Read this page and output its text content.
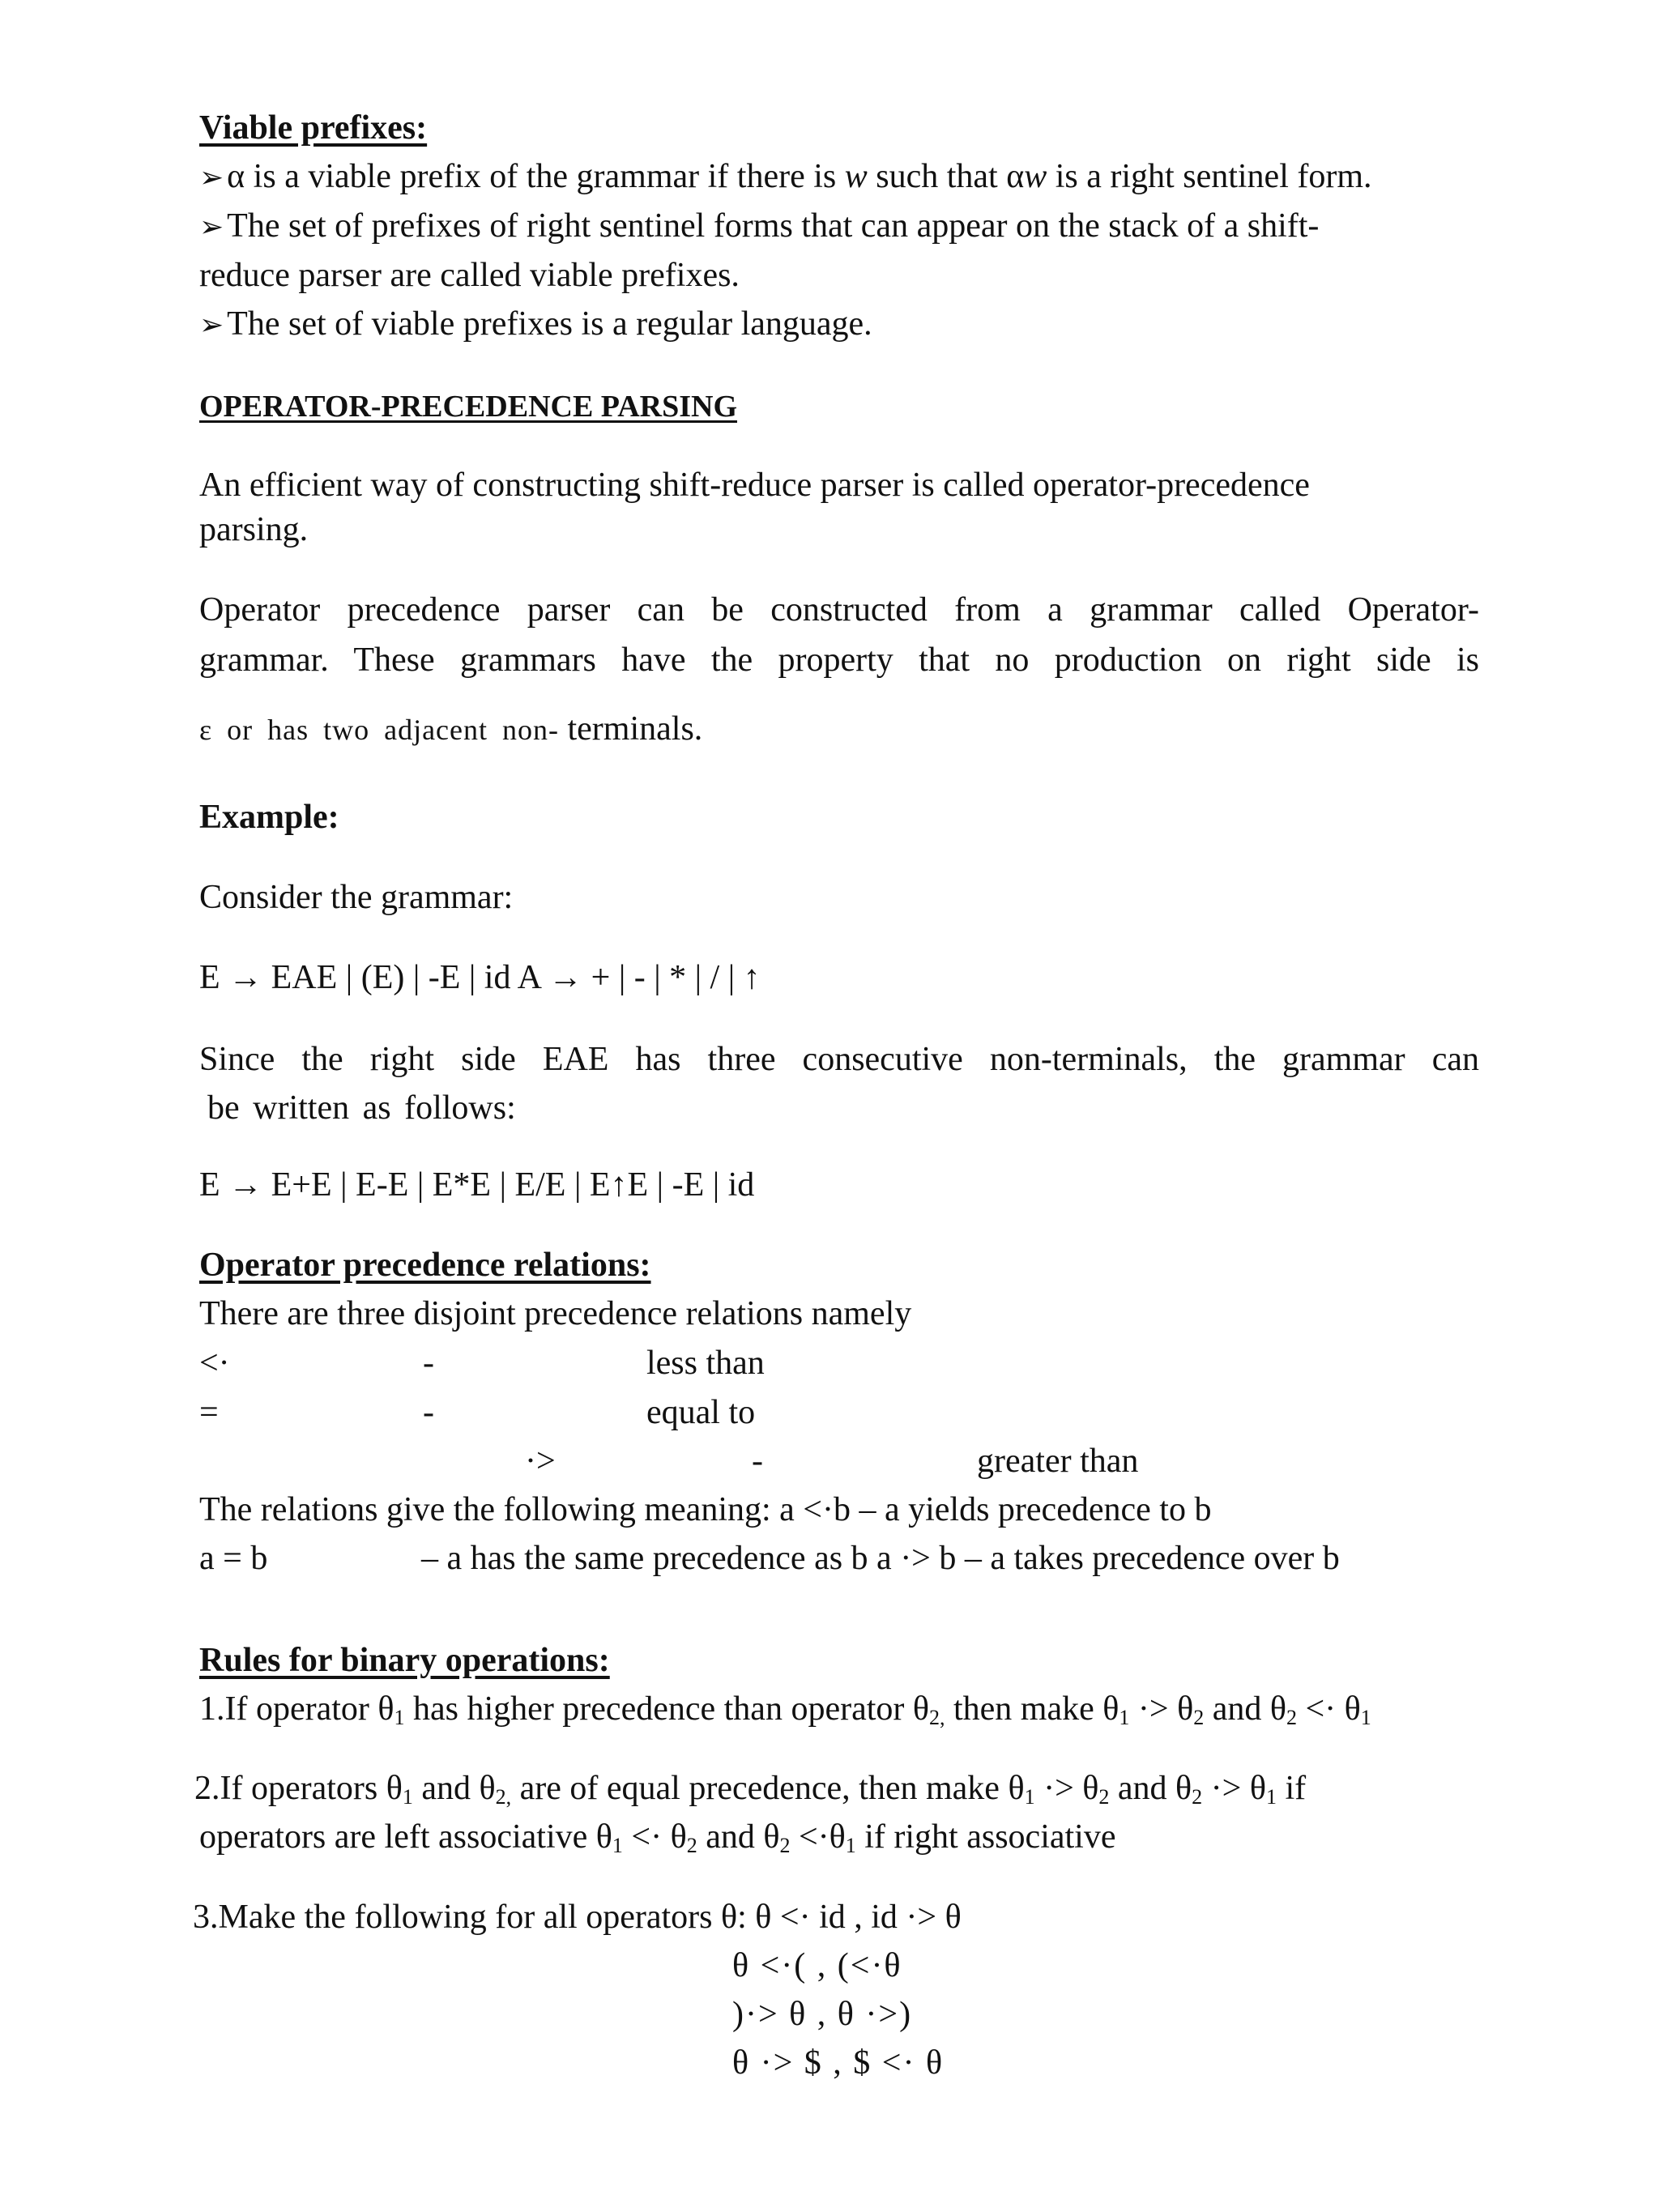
Viable prefixes:

➢α is a viable prefix of the grammar if there is w such that αw is a right sentinel form.

➢The set of prefixes of right sentinel forms that can appear on the stack of a shift-

reduce parser are called viable prefixes.

➢The set of viable prefixes is a regular language.

OPERATOR-PRECEDENCE PARSING

An efficient way of constructing shift-reduce parser is called operator-precedence

parsing.

Operator precedence parser can be constructed from a grammar called Operator-

grammar. These grammars have the property that no production on right side is

ε or has two adjacent non- terminals.

Example:

Consider the grammar:

E → EAE | (E) | -E | id A → + | - | * | / | ↑

Since the right side EAE has three consecutive non-terminals, the grammar can

be written as follows:

E → E+E | E-E | E*E | E/E | E↑E | -E | id

Operator precedence relations:

There are three disjoint precedence relations namely

<·	-	less than
=	-	equal to
·>	-	greater than

The relations give the following meaning: a <·b – a yields precedence to b

a = b	– a has the same precedence as b a ·> b – a takes precedence over b

Rules for binary operations:

1.If operator $\theta_1$ has higher precedence than operator $\theta_{2,}$ then make $\theta_1 \cdot> \theta_2$ and $\theta_2 <\cdot \theta_1$

2.If operators $\theta_1$ and $\theta_{2,}$ are of equal precedence, then make $\theta_1 \cdot> \theta_2$ and $\theta_2 \cdot> \theta_1$ if

operators are left associative $\theta_1 <\cdot \theta_2$ and $\theta_2 <\cdot\theta_1$ if right associative

3.Make the following for all operators θ: θ <· id , id ·> θ

θ <·( , (<·θ
)·> θ , θ ·>)
θ ·> $ , $ <· θ
